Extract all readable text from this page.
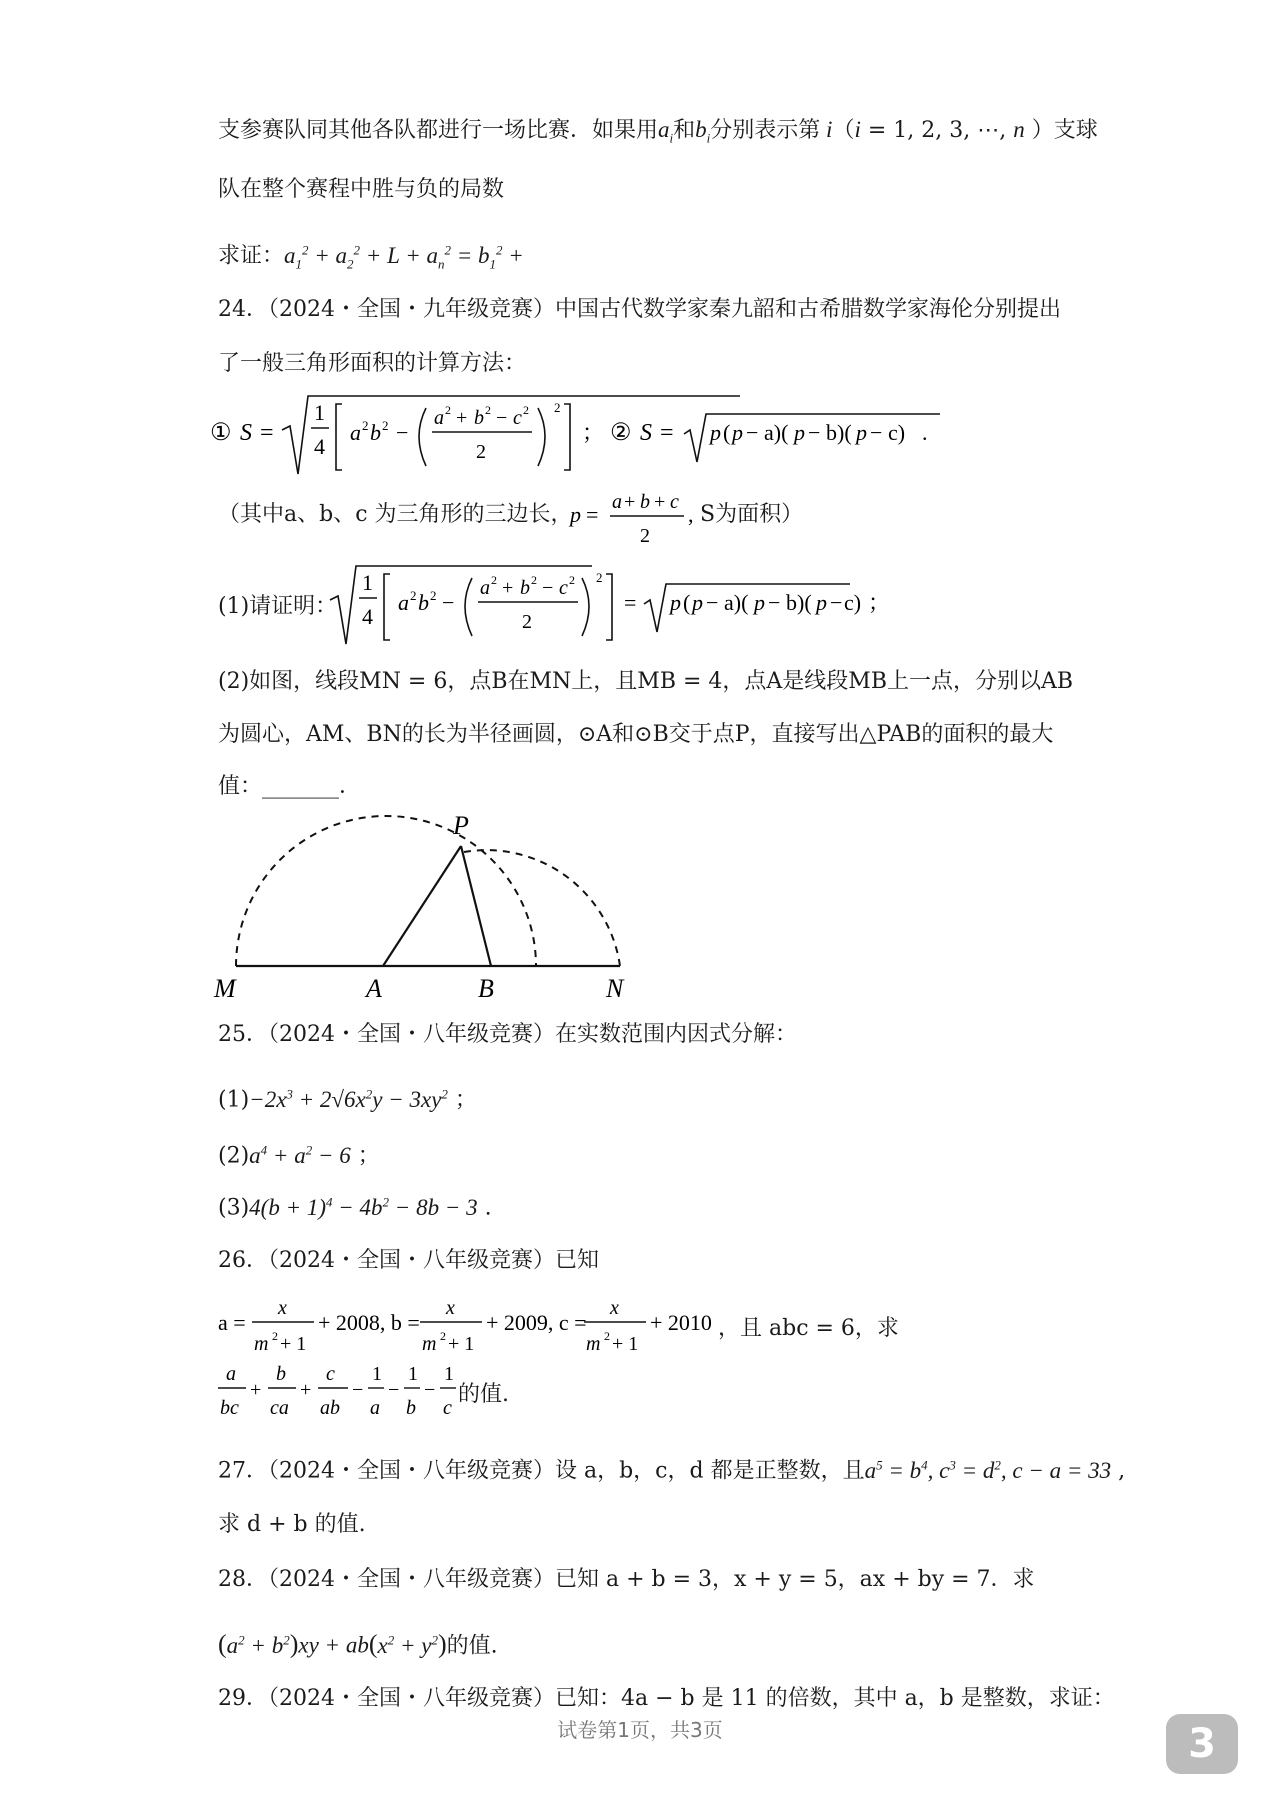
支参赛队同其他各队都进行一场比赛．如果用$a_i$和$b_i$分别表示第 i（i = 1, 2, 3, ⋯, n ）支球
队在整个赛程中胜与负的局数
求证：$a_1^2 + a_2^2 + L + a_n^2 = b_1^2$ +
24．（2024・全国・九年级竞赛）中国古代数学家秦九韶和古希腊数学家海伦分别提出
了一般三角形面积的计算方法：
① S =
1
4
a 2 b 2 −
a 2 + b 2 − c 2
2
2
； ② S = p ( p − a)( p − b)( p − c) .
（其中a、b、c 为三角形的三边长，
p = a + b + c
2
, S为面积）
(1)请证明：
1
4
a 2 b 2 −
a 2 + b 2 − c 2
2
2
= p ( p − a)( p − b)( p − c) ；
(2)如图，线段MN = 6，点B在MN上，且MB = 4，点A是线段MB上一点，分别以AB
为圆心，AM、BN的长为半径画圆，⊙A和⊙B交于点P，直接写出△PAB的面积的最大
值：_______．
M	A	B	N
P
25．（2024・全国・八年级竞赛）在实数范围内因式分解：
$(1)-2x^3 + 2√6x^2y - 3xy^2$ ；
$(2)a^4 + a^2 - 6$ ；
$(3)4(b + 1)^4 - 4b^2 - 8b - 3$ .
26．（2024・全国・八年级竞赛）已知
a =
x
m 2 + 1
+ 2008, b =
x
m 2 + 1
+ 2009, c =
x
m 2 + 1
+ 2010 ，且 abc = 6，求
a
bc
+
b
ca
+
c
ab
−
1
a
−
1
b
−
1
c
的值.
27．（2024・全国・八年级竞赛）设 a，b，c，d 都是正整数，且$a^5 = b^4$, $c^3 = d^2$, c − a = 33 ,
求 d + b 的值.
28．（2024・全国・八年级竞赛）已知 a + b = 3，x + y = 5，ax + by = 7．求
$(a^2 + b^2)xy + ab(x^2 + y^2)$的值.
29．（2024・全国・八年级竞赛）已知：4a − b 是 11 的倍数，其中 a，b 是整数，求证：
试卷第1页，共3页	3
